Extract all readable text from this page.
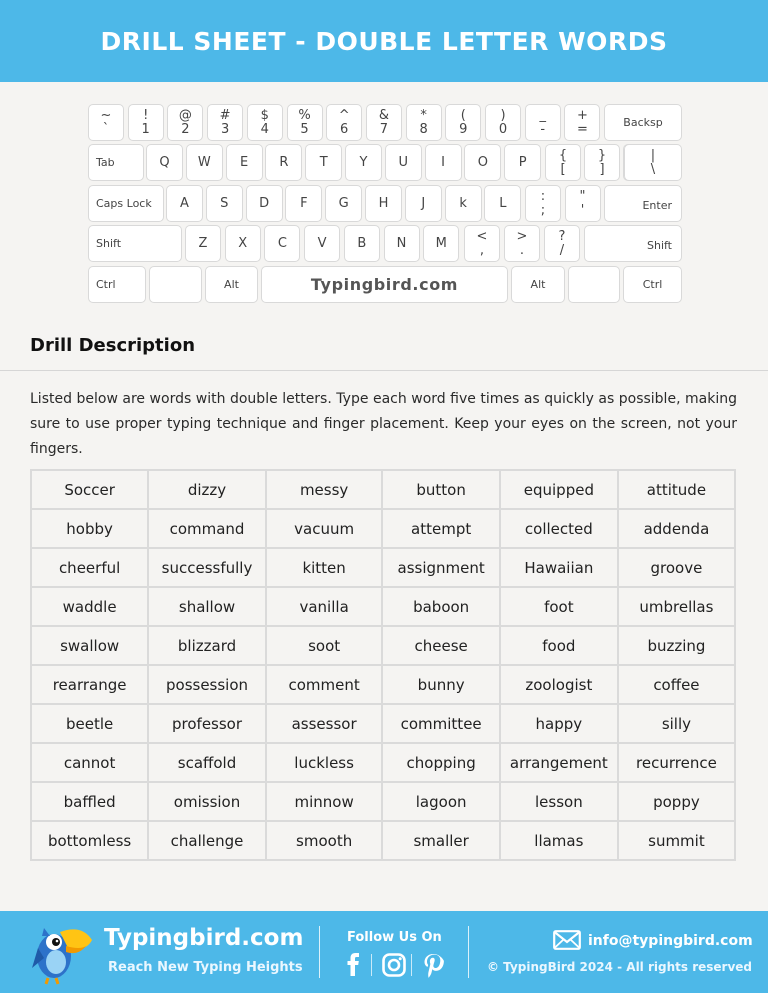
DRILL SHEET - DOUBLE LETTER WORDS
~
`
!
1
@
2
#
3
$
4
%
5
^
6
&
7
*
8
(
9
)
0
_
-
+
=	Backsp
Tab	Q	W	E	R	T	Y	U	I	O	P	{
[
}
]
|
\
Caps Lock	A	S	D	F	G	H	J	k	L	:
;
"
'	Enter
Shift	Z	X	C	V	B	N	M	<
,
>
.
?
/	Shift
Ctrl	Alt	Typingbird.com	Alt	Ctrl
Drill Description

Listed below are words with double letters. Type each word five times as quickly as possible, making sure to use proper typing technique and finger placement. Keep your eyes on the screen, not your fingers.

Soccer	dizzy	messy	button	equipped	attitude
hobby	command	vacuum	attempt	collected	addenda
cheerful	successfully	kitten	assignment	Hawaiian	groove
waddle	shallow	vanilla	baboon	foot	umbrellas
swallow	blizzard	soot	cheese	food	buzzing
rearrange	possession	comment	bunny	zoologist	coffee
beetle	professor	assessor	committee	happy	silly
cannot	scaffold	luckless	chopping	arrangement	recurrence
baffled	omission	minnow	lagoon	lesson	poppy
bottomless	challenge	smooth	smaller	llamas	summit
Typingbird.com
Reach New Typing Heights
Follow Us On	info@typingbird.com
© TypingBird 2024 - All rights reserved
